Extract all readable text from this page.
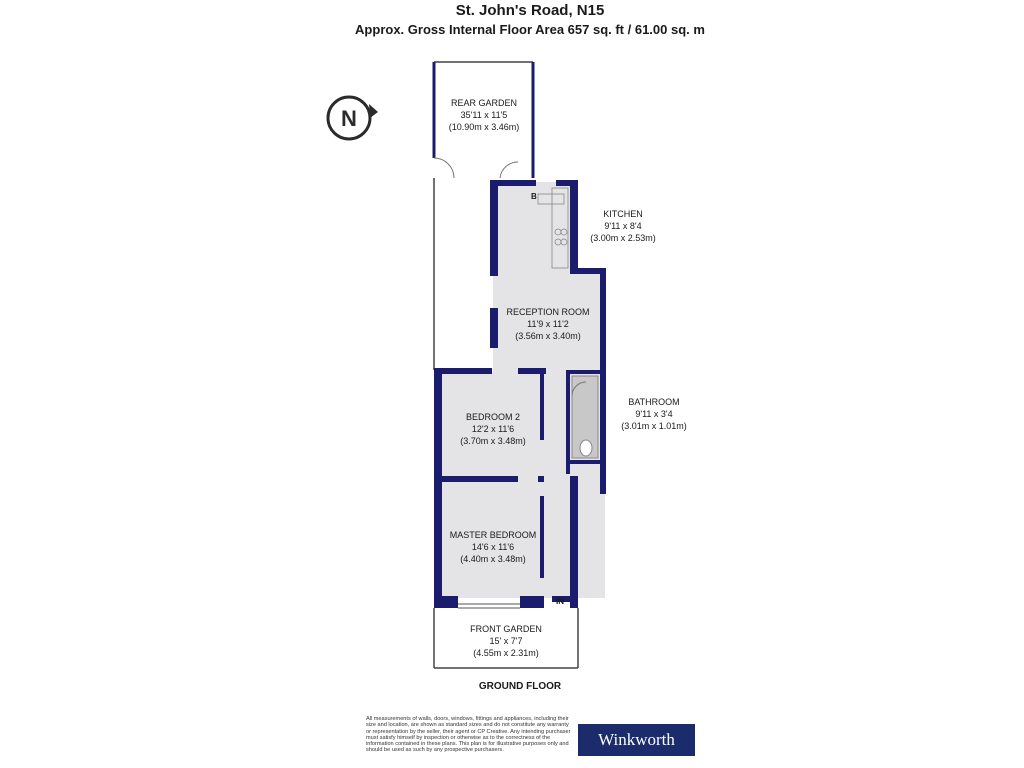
St. John's Road, N15
Approx. Gross Internal Floor Area 657 sq. ft / 61.00 sq. m
N
B
REAR GARDEN
35'11 x 11'5
(10.90m x 3.46m)
KITCHEN
9'11 x 8'4
(3.00m x 2.53m)
RECEPTION ROOM
11'9 x 11'2
(3.56m x 3.40m)
BATHROOM
9'11 x 3'4
(3.01m x 1.01m)
BEDROOM 2
12'2 x 11'6
(3.70m x 3.48m)
MASTER BEDROOM
14'6 x 11'6
(4.40m x 3.48m)
FRONT GARDEN
15' x 7'7
(4.55m x 2.31m)
IN
GROUND FLOOR
All measurements of walls, doors, windows, fittings and appliances, including their size and location, are shown as standard sizes and do not constitute any warranty or representation by the seller, their agent or CP Creative. Any intending purchaser must satisfy himself by inspection or otherwise as to the correctness of the information contained in these plans. This plan is for illustrative purposes only and should be used as such by any prospective purchasers.
Winkworth
